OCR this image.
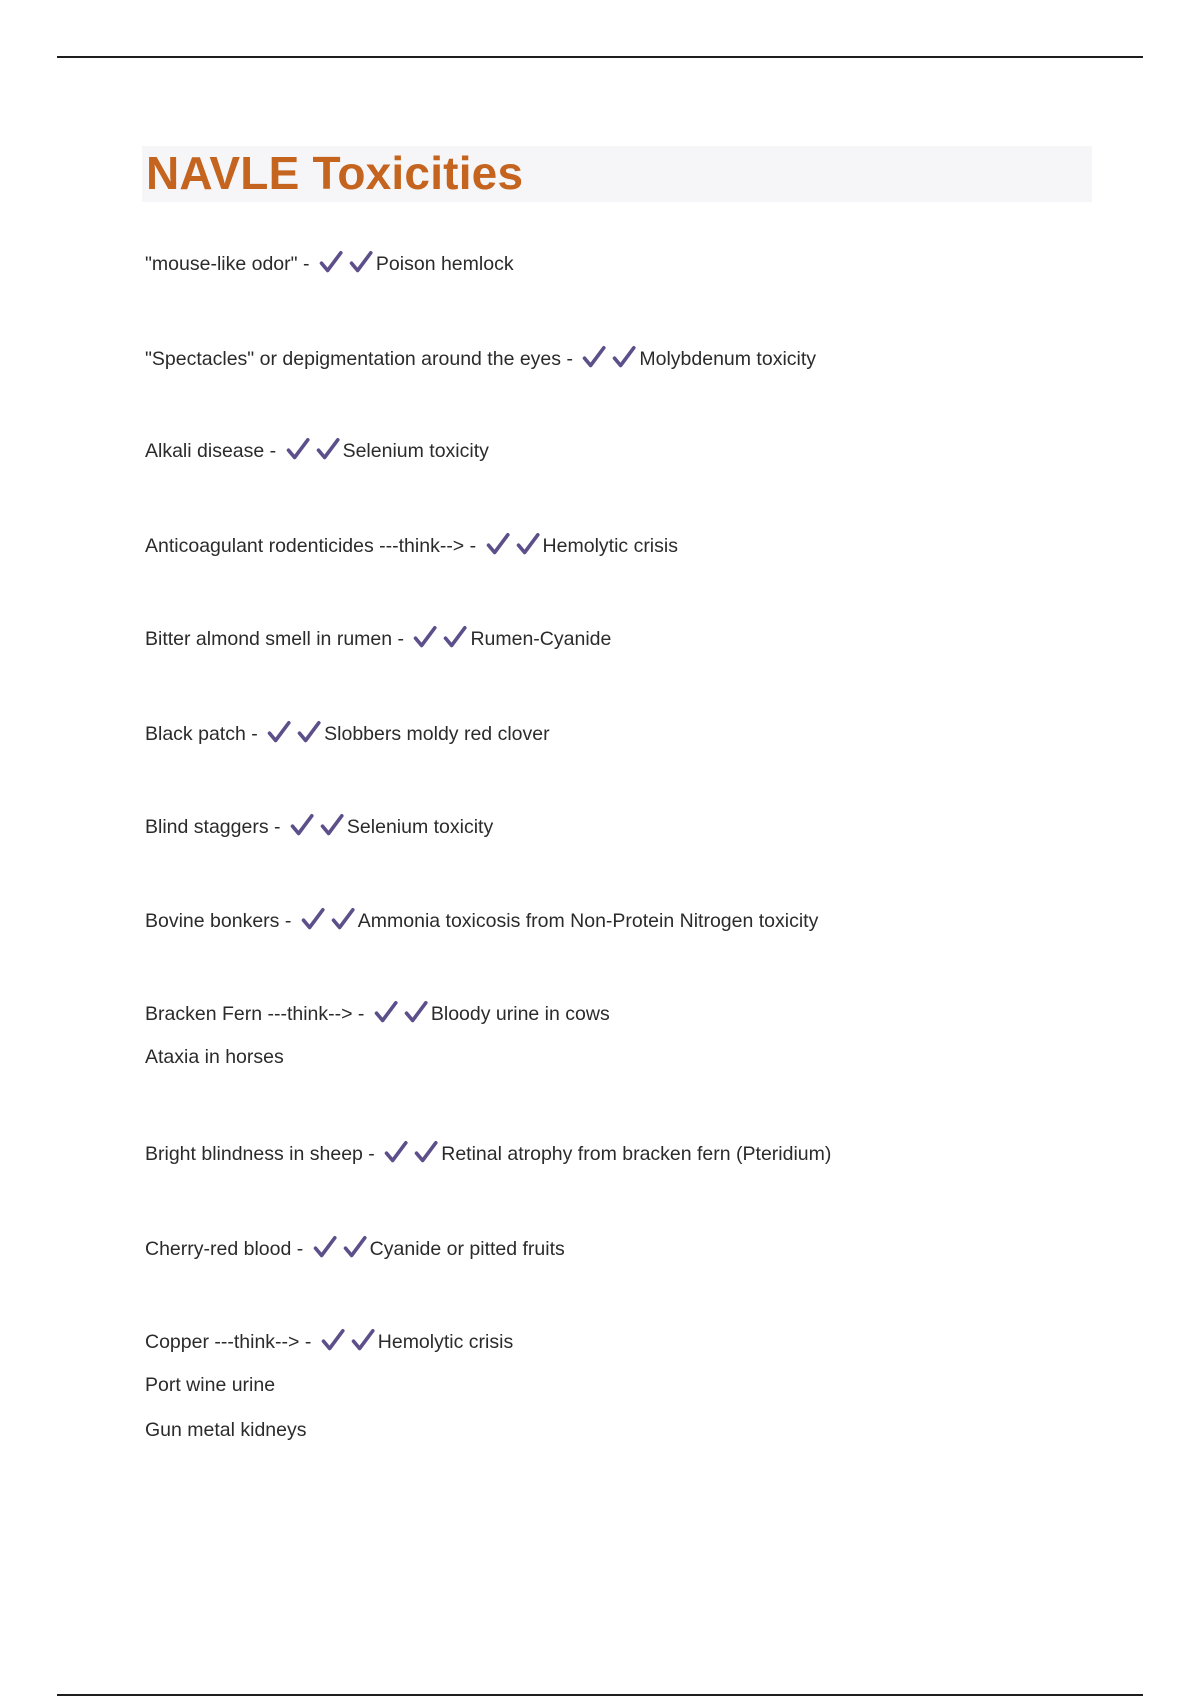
NAVLE Toxicities
"mouse-like odor" -	Poison hemlock
"Spectacles" or depigmentation around the eyes -	Molybdenum toxicity
Alkali disease -	Selenium toxicity
Anticoagulant rodenticides ---think--> -	Hemolytic crisis
Bitter almond smell in rumen -	Rumen-Cyanide
Black patch -	Slobbers moldy red clover
Blind staggers -	Selenium toxicity
Bovine bonkers -	Ammonia toxicosis from Non-Protein Nitrogen toxicity
Bracken Fern ---think--> -	Bloody urine in cows
Ataxia in horses
Bright blindness in sheep -	Retinal atrophy from bracken fern (Pteridium)
Cherry-red blood -	Cyanide or pitted fruits
Copper ---think--> -	Hemolytic crisis
Port wine urine
Gun metal kidneys
